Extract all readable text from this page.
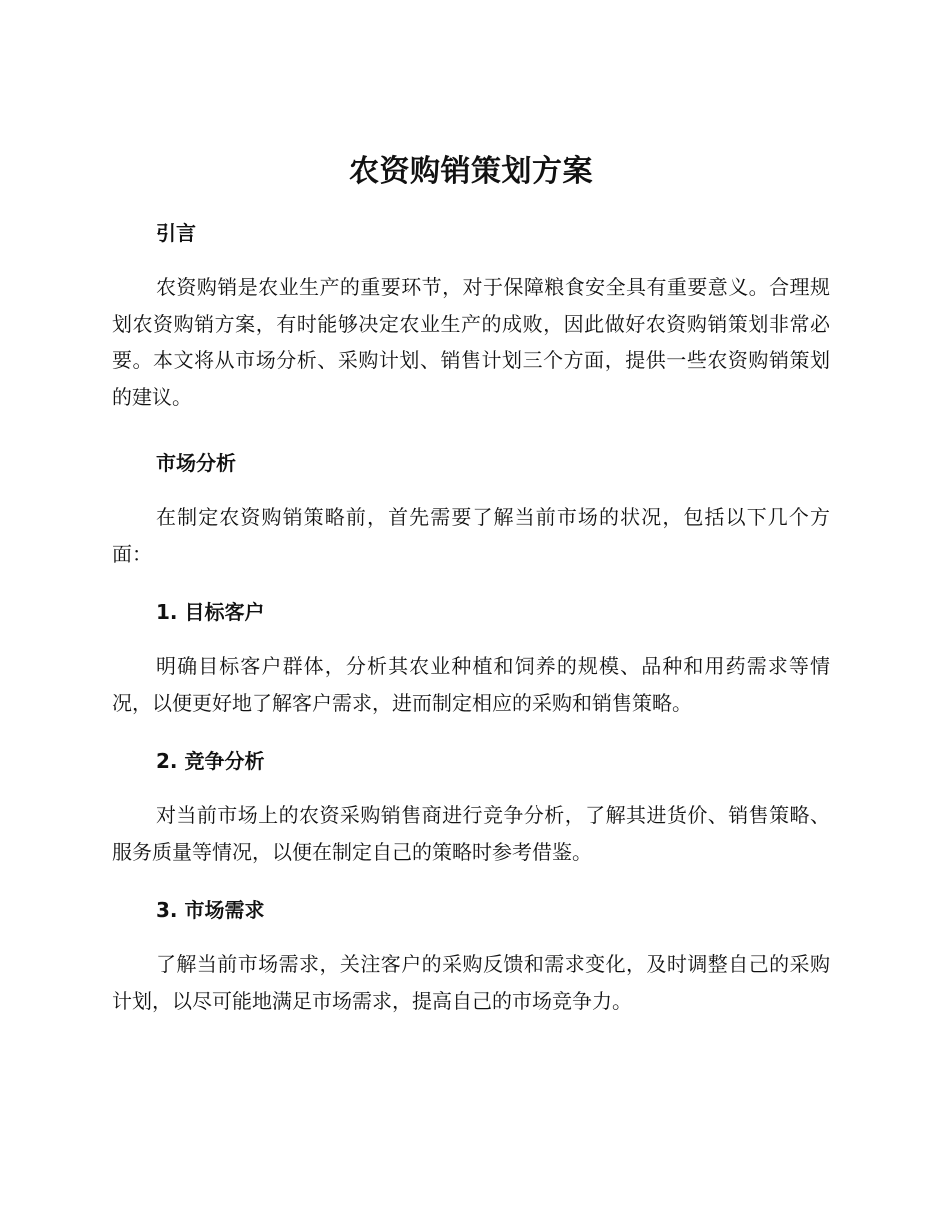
农资购销策划方案
引言

农资购销是农业生产的重要环节，对于保障粮食安全具有重要意义。合理规划农资购销方案，有时能够决定农业生产的成败，因此做好农资购销策划非常必要。本文将从市场分析、采购计划、销售计划三个方面，提供一些农资购销策划的建议。

市场分析

在制定农资购销策略前，首先需要了解当前市场的状况，包括以下几个方面：

1. 目标客户

明确目标客户群体，分析其农业种植和饲养的规模、品种和用药需求等情况，以便更好地了解客户需求，进而制定相应的采购和销售策略。

2. 竞争分析

对当前市场上的农资采购销售商进行竞争分析，了解其进货价、销售策略、服务质量等情况，以便在制定自己的策略时参考借鉴。

3. 市场需求

了解当前市场需求，关注客户的采购反馈和需求变化，及时调整自己的采购计划，以尽可能地满足市场需求，提高自己的市场竞争力。
